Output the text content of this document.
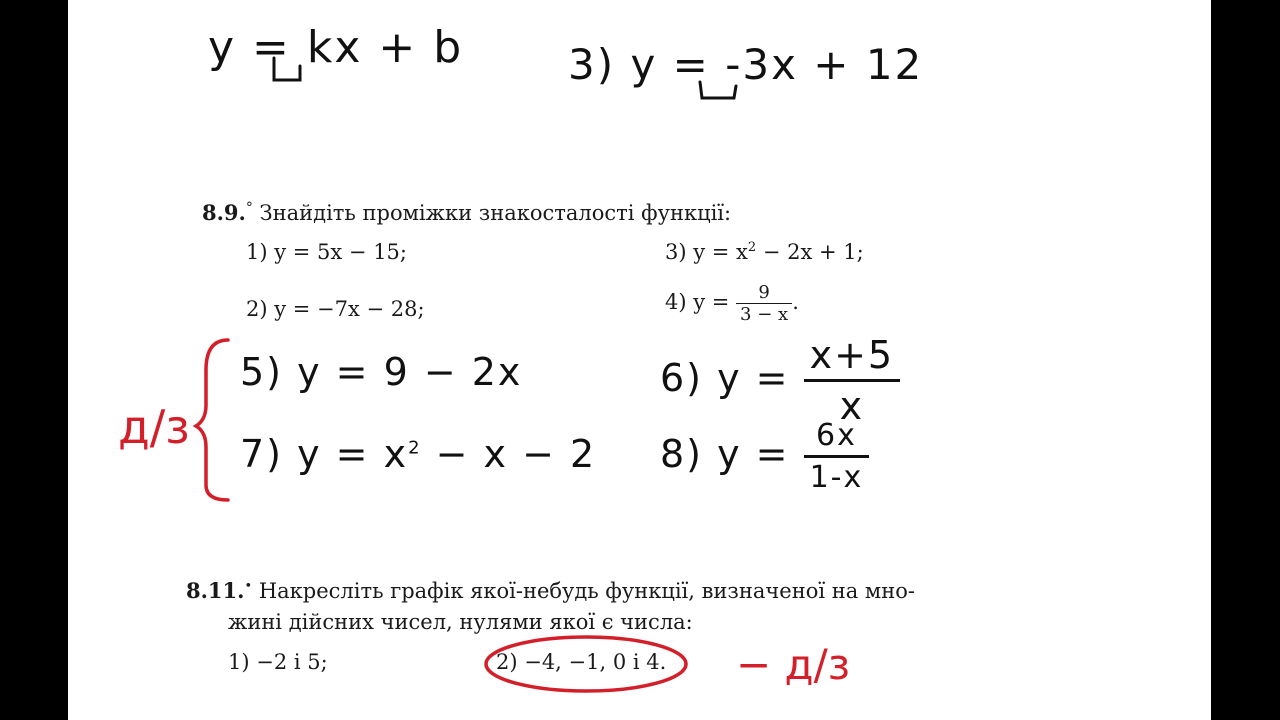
y = kx + b 3) y = -3x + 12
8.9.° Знайдіть проміжки знакосталості функції:
1) y = 5x − 15;	3) $y = x^2 - 2x + 1$;
2) y = −7x − 28;	4) $y = \frac{9}{3 - x}$ .
5) y = 9 − 2x	6) $y = \frac{x+5}{x}$
7) $y = x^2 - x - 2$ 8) $y = \frac{6x}{1-x}$
д/з
8.11.• Накресліть графік якої-небудь функції, визначеної на мно-
жині дійсних чисел, нулями якої є числа:
1) −2 і 5;	2) −4, −1, 0 і 4. − д/з
